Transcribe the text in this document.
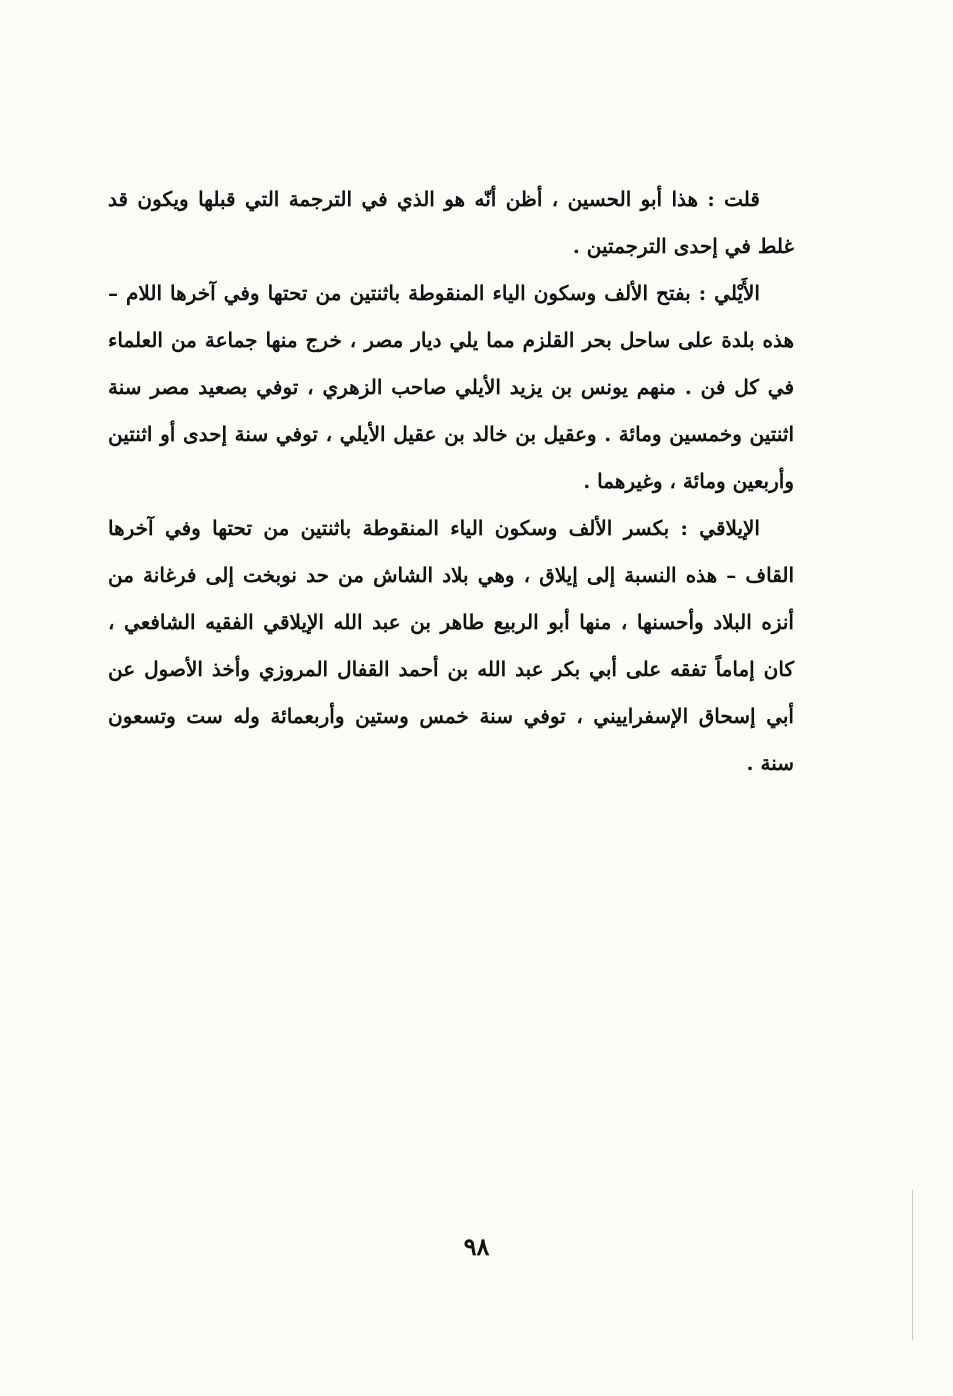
قلت : هذا أبو الحسين ، أظن أنّه هو الذي في الترجمة التي قبلها ويكون قد غلط في إحدى الترجمتين .

الأَيْلي : بفتح الألف وسكون الياء المنقوطة باثنتين من تحتها وفي آخرها اللام – هذه بلدة على ساحل بحر القلزم مما يلي ديار مصر ، خرج منها جماعة من العلماء في كل فن . منهم يونس بن يزيد الأيلي صاحب الزهري ، توفي بصعيد مصر سنة اثنتين وخمسين ومائة . وعقيل بن خالد بن عقيل الأيلي ، توفي سنة إحدى أو اثنتين وأربعين ومائة ، وغيرهما .

الإيلاقي : بكسر الألف وسكون الياء المنقوطة باثنتين من تحتها وفي آخرها القاف – هذه النسبة إلى إيلاق ، وهي بلاد الشاش من حد نوبخت إلى فرغانة من أنزه البلاد وأحسنها ، منها أبو الربيع طاهر بن عبد الله الإيلاقي الفقيه الشافعي ، كان إماماً تفقه على أبي بكر عبد الله بن أحمد القفال المروزي وأخذ الأصول عن أبي إسحاق الإسفراييني ، توفي سنة خمس وستين وأربعمائة وله ست وتسعون سنة .

٩٨
